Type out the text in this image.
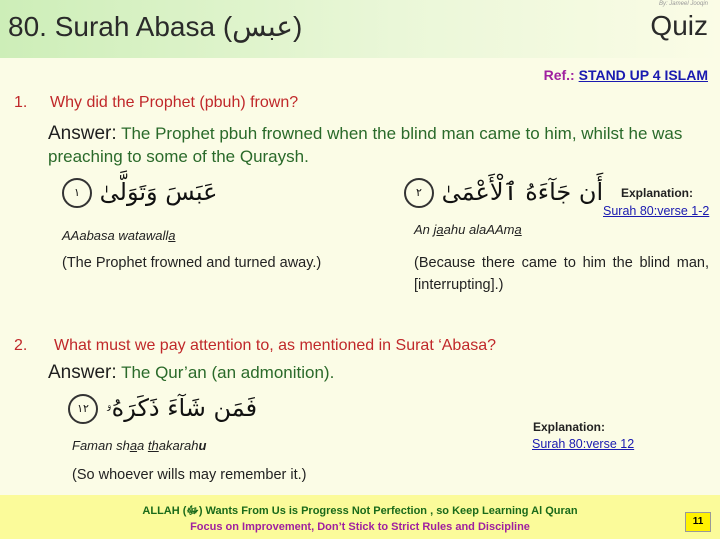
By: Jameel Jooqin
80. Surah Abasa (عبس)	Quiz
Ref.: STAND UP 4 ISLAM
1. Why did the Prophet (pbuh) frown?
Answer: The Prophet pbuh frowned when the blind man came to him, whilst he was preaching to some of the Quraysh.
عَبَسَ وَتَوَلَّىٰ ١
AAabasa watawalla
(The Prophet frowned and turned away.)
أَن جَآءَهُ ٱلْأَعْمَىٰ ٢
An jaahu alaAAma
(Because there came to him the blind man, [interrupting].)
Explanation:
Surah 80:verse 1-2
2. What must we pay attention to, as mentioned in Surat ‘Abasa?
Answer: The Qur’an (an admonition).
فَمَن شَآءَ ذَكَرَهُۥ ١٢
Faman shaa thakarahu
(So whoever wills may remember it.)
Explanation:
Surah 80:verse 12
ALLAH (ﷻ) Wants From Us is Progress Not Perfection , so Keep Learning Al Quran
Focus on Improvement, Don’t Stick to Strict Rules and Discipline	11
